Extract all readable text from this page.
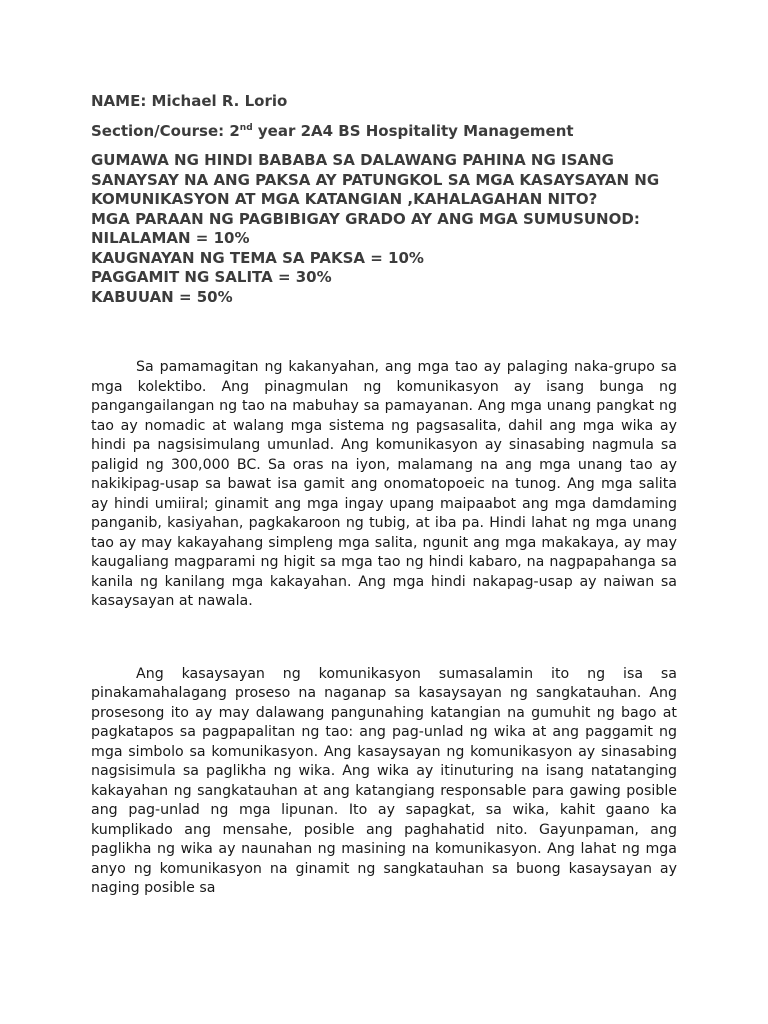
NAME: Michael R. Lorio

Section/Course: 2nd year 2A4 BS Hospitality Management

GUMAWA NG HINDI BABABA SA DALAWANG PAHINA NG ISANG SANAYSAY NA ANG PAKSA AY PATUNGKOL SA MGA KASAYSAYAN NG KOMUNIKASYON AT MGA KATANGIAN ,KAHALAGAHAN NITO?

MGA PARAAN NG PAGBIBIGAY GRADO AY ANG MGA SUMUSUNOD:

NILALAMAN = 10%

KAUGNAYAN NG TEMA SA PAKSA = 10%

PAGGAMIT NG SALITA = 30%

KABUUAN = 50%

Sa pamamagitan ng kakanyahan, ang mga tao ay palaging naka-grupo sa mga kolektibo. Ang pinagmulan ng komunikasyon ay isang bunga ng pangangailangan ng tao na mabuhay sa pamayanan. Ang mga unang pangkat ng tao ay nomadic at walang mga sistema ng pagsasalita, dahil ang mga wika ay hindi pa nagsisimulang umunlad. Ang komunikasyon ay sinasabing nagmula sa paligid ng 300,000 BC. Sa oras na iyon, malamang na ang mga unang tao ay nakikipag-usap sa bawat isa gamit ang onomatopoeic na tunog. Ang mga salita ay hindi umiiral; ginamit ang mga ingay upang maipaabot ang mga damdaming panganib, kasiyahan, pagkakaroon ng tubig, at iba pa. Hindi lahat ng mga unang tao ay may kakayahang simpleng mga salita, ngunit ang mga makakaya, ay may kaugaliang magparami ng higit sa mga tao ng hindi kabaro, na nagpapahanga sa kanila ng kanilang mga kakayahan. Ang mga hindi nakapag-usap ay naiwan sa kasaysayan at nawala.

Ang kasaysayan ng komunikasyon sumasalamin ito ng isa sa pinakamahalagang proseso na naganap sa kasaysayan ng sangkatauhan. Ang prosesong ito ay may dalawang pangunahing katangian na gumuhit ng bago at pagkatapos sa pagpapalitan ng tao: ang pag-unlad ng wika at ang paggamit ng mga simbolo sa komunikasyon. Ang kasaysayan ng komunikasyon ay sinasabing nagsisimula sa paglikha ng wika. Ang wika ay itinuturing na isang natatanging kakayahan ng sangkatauhan at ang katangiang responsable para gawing posible ang pag-unlad ng mga lipunan. Ito ay sapagkat, sa wika, kahit gaano ka kumplikado ang mensahe, posible ang paghahatid nito. Gayunpaman, ang paglikha ng wika ay naunahan ng masining na komunikasyon. Ang lahat ng mga anyo ng komunikasyon na ginamit ng sangkatauhan sa buong kasaysayan ay naging posible sa
